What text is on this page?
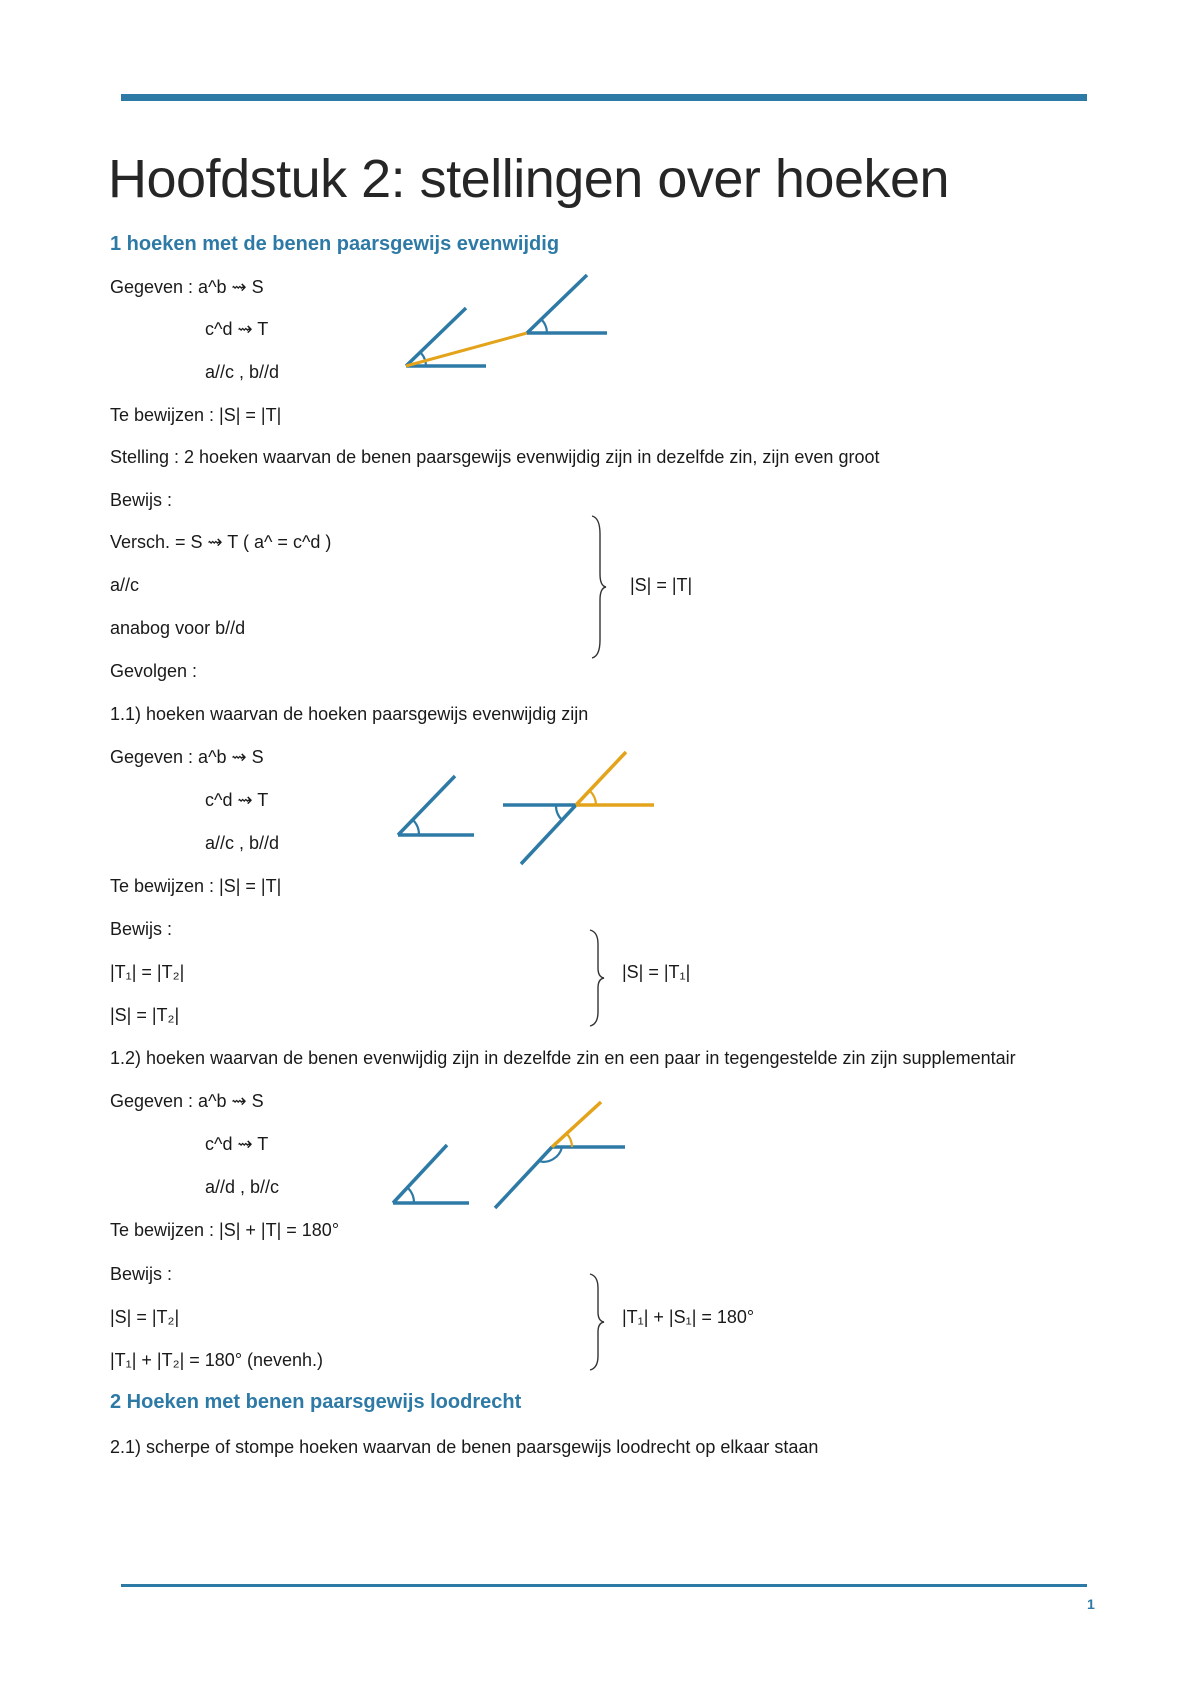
Hoofdstuk 2: stellingen over hoeken
1 hoeken met de benen paarsgewijs evenwijdig
Gegeven : a^b ⇝ S
c^d ⇝ T
a//c , b//d
Te bewijzen : |S| = |T|
Stelling : 2 hoeken waarvan de benen paarsgewijs evenwijdig zijn in dezelfde zin, zijn even groot
Bewijs :
Versch. = S ⇝ T ( a^ = c^d )
a//c
anabog voor b//d
|S| = |T|
Gevolgen :
1.1) hoeken waarvan de hoeken paarsgewijs evenwijdig zijn
Gegeven : a^b ⇝ S
c^d ⇝ T
a//c , b//d
Te bewijzen : |S| = |T|
Bewijs :
|T₁| = |T₂|
|S| = |T₂|
|S| = |T₁|
1.2) hoeken waarvan de benen evenwijdig zijn in dezelfde zin en een paar in tegengestelde zin zijn supplementair
Gegeven : a^b ⇝ S
c^d ⇝ T
a//d , b//c
Te bewijzen : |S| + |T| = 180°
Bewijs :
|S| = |T₂|
|T₁| + |T₂| = 180° (nevenh.)
|T₁| + |S₁| = 180°
2 Hoeken met benen paarsgewijs loodrecht
2.1) scherpe of stompe hoeken waarvan de benen paarsgewijs loodrecht op elkaar staan
1
